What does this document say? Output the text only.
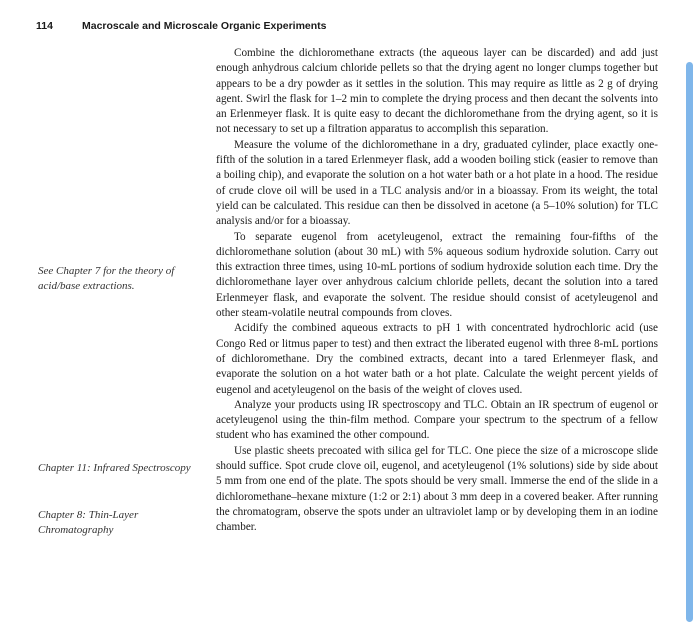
114	Macroscale and Microscale Organic Experiments
See Chapter 7 for the theory of acid/base extractions.
Chapter 11: Infrared Spectroscopy
Chapter 8: Thin-Layer Chromatography

Combine the dichloromethane extracts (the aqueous layer can be discarded) and add just enough anhydrous calcium chloride pellets so that the drying agent no longer clumps together but appears to be a dry powder as it settles in the solution. This may require as little as 2 g of drying agent. Swirl the flask for 1–2 min to complete the drying process and then decant the solvents into an Erlenmeyer flask. It is quite easy to decant the dichloromethane from the drying agent, so it is not necessary to set up a filtration apparatus to accomplish this separation.

Measure the volume of the dichloromethane in a dry, graduated cylinder, place exactly one-fifth of the solution in a tared Erlenmeyer flask, add a wooden boiling stick (easier to remove than a boiling chip), and evaporate the solution on a hot water bath or a hot plate in a hood. The residue of crude clove oil will be used in a TLC analysis and/or in a bioassay. From its weight, the total yield can be calculated. This residue can then be dissolved in acetone (a 5–10% solution) for TLC analysis and/or for a bioassay.

To separate eugenol from acetyleugenol, extract the remaining four-fifths of the dichloromethane solution (about 30 mL) with 5% aqueous sodium hydroxide solution. Carry out this extraction three times, using 10-mL portions of sodium hydroxide solution each time. Dry the dichloromethane layer over anhydrous calcium chloride pellets, decant the solution into a tared Erlenmeyer flask, and evaporate the solvent. The residue should consist of acetyleugenol and other steam-volatile neutral compounds from cloves.

Acidify the combined aqueous extracts to pH 1 with concentrated hydrochloric acid (use Congo Red or litmus paper to test) and then extract the liberated eugenol with three 8-mL portions of dichloromethane. Dry the combined extracts, decant into a tared Erlenmeyer flask, and evaporate the solution on a hot water bath or a hot plate. Calculate the weight percent yields of eugenol and acetyleugenol on the basis of the weight of cloves used.

Analyze your products using IR spectroscopy and TLC. Obtain an IR spectrum of eugenol or acetyleugenol using the thin-film method. Compare your spectrum to the spectrum of a fellow student who has examined the other compound.

Use plastic sheets precoated with silica gel for TLC. One piece the size of a microscope slide should suffice. Spot crude clove oil, eugenol, and acetyleugenol (1% solutions) side by side about 5 mm from one end of the plate. The spots should be very small. Immerse the end of the slide in a dichloromethane–hexane mixture (1:2 or 2:1) about 3 mm deep in a covered beaker. After running the chromatogram, observe the spots under an ultraviolet lamp or by developing them in an iodine chamber.
